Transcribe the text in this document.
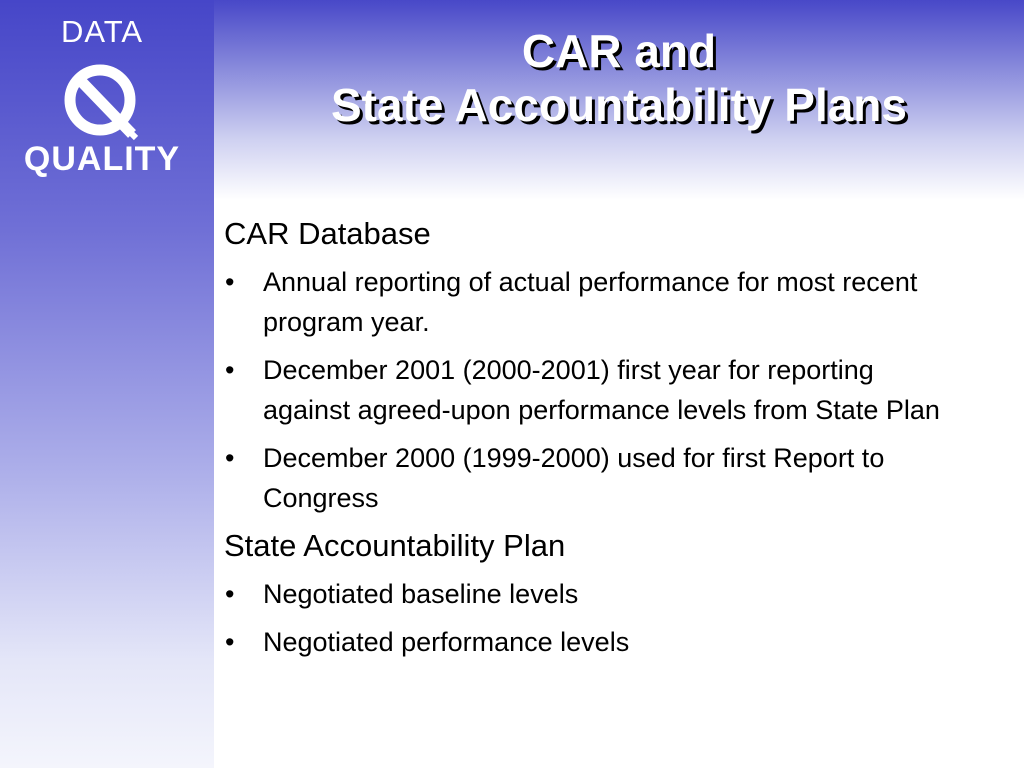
DATA
QUALITY
CAR and
State Accountability Plans
CAR Database
• Annual reporting of actual performance for most recent program year.
• December 2001 (2000-2001) first year for reporting against agreed-upon performance levels from State Plan
• December 2000 (1999-2000) used for first Report to Congress
State Accountability Plan
• Negotiated baseline levels
• Negotiated performance levels
